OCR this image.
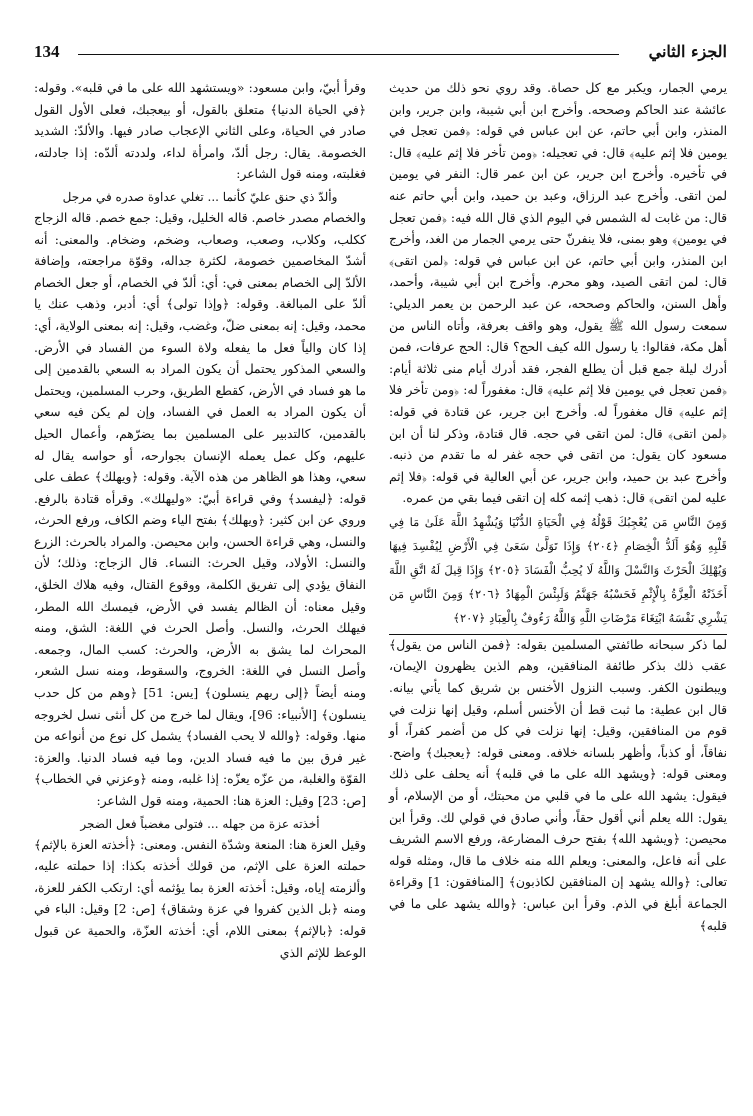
134	الجزء الثاني

يرمي الجمار، ويكبر مع كل حصاة. وقد روي نحو ذلك من حديث عائشة عند الحاكم وصححه. وأخرج ابن أبي شيبة، وابن جرير، وابن المنذر، وابن أبي حاتم، عن ابن عباس في قوله: ﴿فمن تعجل في يومين فلا إثم عليه﴾ قال: في تعجيله: ﴿ومن تأخر فلا إثم عليه﴾ قال: في تأخيره. وأخرج ابن جرير، عن ابن عمر قال: النفر في يومين لمن اتقى. وأخرج عبد الرزاق، وعبد بن حميد، وابن أبي حاتم عنه قال: من غابت له الشمس في اليوم الذي قال الله فيه: ﴿فمن تعجل في يومين﴾ وهو بمنى، فلا ينفرنّ حتى يرمي الجمار من الغد، وأخرج ابن المنذر، وابن أبي حاتم، عن ابن عباس في قوله: ﴿لمن اتقى﴾ قال: لمن اتقى الصيد، وهو محرم. وأخرج ابن أبي شيبة، وأحمد، وأهل السنن، والحاكم وصححه، عن عبد الرحمن بن يعمر الديلي: سمعت رسول الله ﷺ يقول، وهو واقف بعرفة، وأتاه الناس من أهل مكة، فقالوا: يا رسول الله كيف الحج؟ قال: الحج عرفات، فمن أدرك ليلة جمع قبل أن يطلع الفجر، فقد أدرك أيام منى ثلاثة أيام: ﴿فمن تعجل في يومين فلا إثم عليه﴾ قال: مغفوراً له: ﴿ومن تأخر فلا إثم عليه﴾ قال مغفوراً له. وأخرج ابن جرير، عن قتادة في قوله: ﴿لمن اتقى﴾ قال: لمن اتقى في حجه. قال قتادة، وذكر لنا أن ابن مسعود كان يقول: من اتقى في حجه غفر له ما تقدم من ذنبه. وأخرج عبد بن حميد، وابن جرير، عن أبي العالية في قوله: ﴿فلا إثم عليه لمن اتقى﴾ قال: ذهب إثمه كله إن اتقى فيما بقي من عمره.

وَمِنَ النَّاسِ مَن يُعْجِبُكَ قَوْلُهُ فِي الْحَيَاةِ الدُّنْيَا وَيُشْهِدُ اللَّهَ عَلَىٰ مَا فِي قَلْبِهِ وَهُوَ أَلَدُّ الْخِصَامِ ﴿٢٠٤﴾ وَإِذَا تَوَلَّىٰ سَعَىٰ فِي الْأَرْضِ لِيُفْسِدَ فِيهَا وَيُهْلِكَ الْحَرْثَ وَالنَّسْلَ وَاللَّهُ لَا يُحِبُّ الْفَسَادَ ﴿٢٠٥﴾ وَإِذَا قِيلَ لَهُ اتَّقِ اللَّهَ أَخَذَتْهُ الْعِزَّةُ بِالْإِثْمِ فَحَسْبُهُ جَهَنَّمُ وَلَبِئْسَ الْمِهَادُ ﴿٢٠٦﴾ وَمِنَ النَّاسِ مَن يَشْرِي نَفْسَهُ ابْتِغَاءَ مَرْضَاتِ اللَّهِ وَاللَّهُ رَءُوفٌ بِالْعِبَادِ ﴿٢٠٧﴾

لما ذكر سبحانه طائفتي المسلمين بقوله: ﴿فمن الناس من يقول﴾ عقب ذلك بذكر طائفة المنافقين، وهم الذين يظهرون الإيمان، ويبطنون الكفر. وسبب النزول الأخنس بن شريق كما يأتي بيانه. قال ابن عطية: ما ثبت قط أن الأخنس أسلم، وقيل إنها نزلت في قوم من المنافقين، وقيل: إنها نزلت في كل من أضمر كفراً، أو نفاقاً، أو كذباً، وأظهر بلسانه خلافه. ومعنى قوله: ﴿يعجبك﴾ واضح. ومعنى قوله: ﴿ويشهد الله على ما في قلبه﴾ أنه يحلف على ذلك فيقول: يشهد الله على ما في قلبي من محبتك، أو من الإسلام، أو يقول: الله يعلم أني أقول حقاً، وأني صادق في قولي لك. وقرأ ابن محيصن: ﴿ويشهد الله﴾ بفتح حرف المضارعة، ورفع الاسم الشريف على أنه فاعل، والمعنى: ويعلم الله منه خلاف ما قال، ومثله قوله تعالى: ﴿والله يشهد إن المنافقين لكاذبون﴾ [المنافقون: 1] وقراءة الجماعة أبلغ في الذم. وقرأ ابن عباس: ﴿والله يشهد على ما في قلبه﴾

وقرأ أبيّ، وابن مسعود: «ويستشهد الله على ما في قلبه». وقوله: ﴿في الحياة الدنيا﴾ متعلق بالقول، أو بيعجبك، فعلى الأول القول صادر في الحياة، وعلى الثاني الإعجاب صادر فيها. والألدّ: الشديد الخصومة. يقال: رجل ألدّ، وامرأة لداء، ولددته ألدّه: إذا جادلته، فغلبته، ومنه قول الشاعر:

وألدّ ذي حنق عليّ كأنما ... تغلي عداوة صدره في مرجل

والخصام مصدر خاصم. قاله الخليل، وقيل: جمع خصم. قاله الزجاج ككلب، وكلاب، وصعب، وصعاب، وضخم، وضخام. والمعنى: أنه أشدّ المخاصمين خصومة، لكثرة جداله، وقوّة مراجعته، وإضافة الألدّ إلى الخصام بمعنى في: أي: ألدّ في الخصام، أو جعل الخصام ألدّ على المبالغة. وقوله: ﴿وإذا تولى﴾ أي: أدبر، وذهب عنك يا محمد، وقيل: إنه بمعنى ضلّ، وغضب، وقيل: إنه بمعنى الولاية، أي: إذا كان والياً فعل ما يفعله ولاة السوء من الفساد في الأرض. والسعي المذكور يحتمل أن يكون المراد به السعي بالقدمين إلى ما هو فساد في الأرض، كقطع الطريق، وحرب المسلمين، ويحتمل أن يكون المراد به العمل في الفساد، وإن لم يكن فيه سعي بالقدمين، كالتدبير على المسلمين بما يضرّهم، وأعمال الحيل عليهم، وكل عمل يعمله الإنسان بجوارحه، أو حواسه يقال له سعي، وهذا هو الظاهر من هذه الآية. وقوله: ﴿ويهلك﴾ عطف على قوله: ﴿ليفسد﴾ وفي قراءة أبيّ: «وليهلك». وقرأه قتادة بالرفع. وروي عن ابن كثير: ﴿ويهلك﴾ بفتح الياء وضم الكاف، ورفع الحرث، والنسل، وهي قراءة الحسن، وابن محيصن. والمراد بالحرث: الزرع والنسل: الأولاد، وقيل الحرث: النساء. قال الزجاج: وذلك؛ لأن النفاق يؤدي إلى تفريق الكلمة، ووقوع القتال، وفيه هلاك الخلق، وقيل معناه: أن الظالم يفسد في الأرض، فيمسك الله المطر، فيهلك الحرث، والنسل. وأصل الحرث في اللغة: الشق، ومنه المحراث لما يشق به الأرض، والحرث: كسب المال، وجمعه. وأصل النسل في اللغة: الخروج، والسقوط، ومنه نسل الشعر، ومنه أيضاً ﴿إلى ربهم ينسلون﴾ [يس: 51] ﴿وهم من كل حدب ينسلون﴾ [الأنبياء: 96]، ويقال لما خرج من كل أنثى نسل لخروجه منها. وقوله: ﴿والله لا يحب الفساد﴾ يشمل كل نوع من أنواعه من غير فرق بين ما فيه فساد الدين، وما فيه فساد الدنيا. والعزة: القوّة والغلبة، من عزّه يعزّه: إذا غلبه، ومنه ﴿وعزني في الخطاب﴾ [ص: 23] وقيل: العزة هنا: الحمية، ومنه قول الشاعر:

أخذته عزة من جهله ... فتولى مغضباً فعل الضجر

وقيل العزة هنا: المنعة وشدّة النفس. ومعنى: ﴿أخذته العزة بالإثم﴾ حملته العزة على الإثم، من قولك أخذته بكذا: إذا حملته عليه، وألزمته إياه، وقيل: أخذته العزة بما يؤثمه أي: ارتكب الكفر للعزة، ومنه ﴿بل الذين كفروا في عزة وشقاق﴾ [ص: 2] وقيل: الباء في قوله: ﴿بالإثم﴾ بمعنى اللام، أي: أخذته العزّة، والحمية عن قبول الوعظ للإثم الذي
